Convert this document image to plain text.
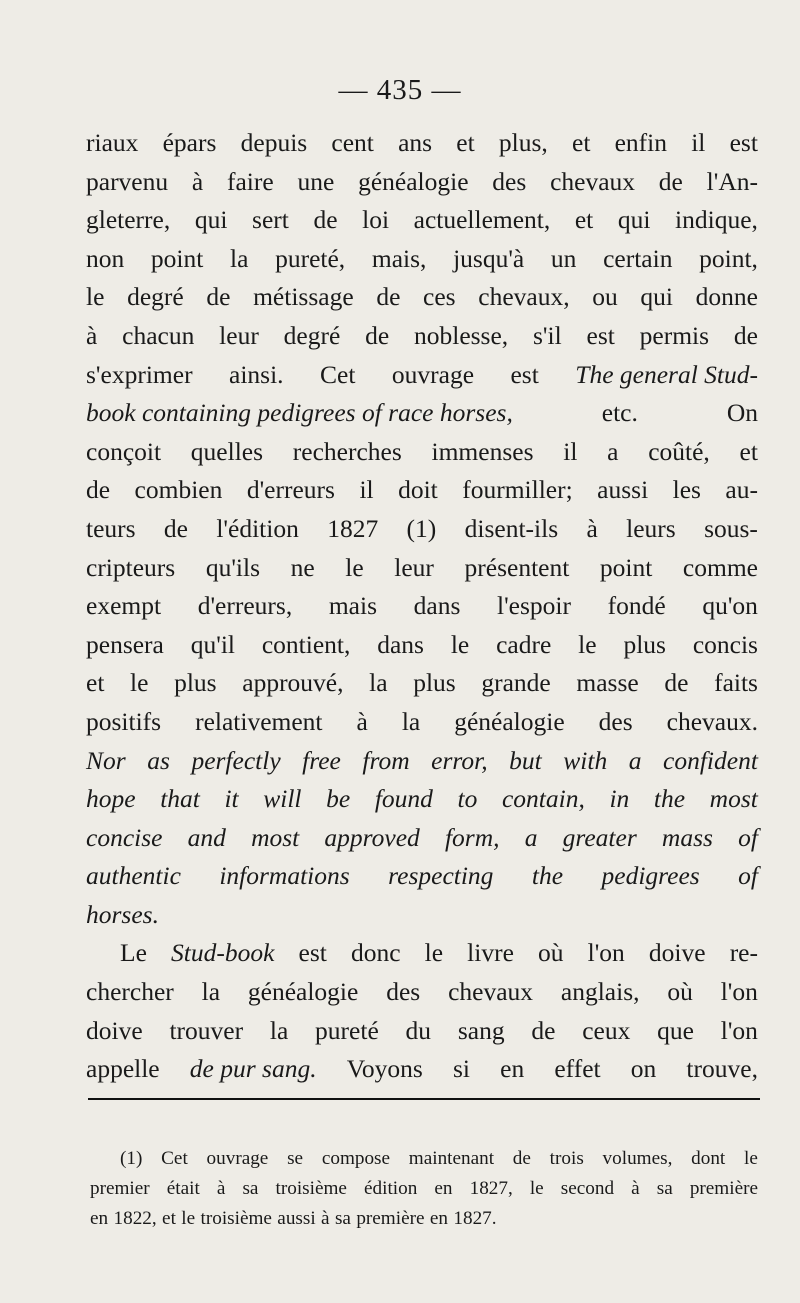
— 435 —
riaux épars depuis cent ans et plus, et enfin il est
parvenu à faire une généalogie des chevaux de l'An-
gleterre, qui sert de loi actuellement, et qui indique,
non point la pureté, mais, jusqu'à un certain point,
le degré de métissage de ces chevaux, ou qui donne
à chacun leur degré de noblesse, s'il est permis de
s'exprimer ainsi. Cet ouvrage est The general Stud-
book containing pedigrees of race horses,	etc.	On
conçoit quelles recherches immenses il a coûté, et
de combien d'erreurs il doit fourmiller; aussi les au-
teurs de l'édition 1827 (1) disent-ils à leurs sous-
cripteurs qu'ils ne le leur présentent point comme
exempt d'erreurs, mais dans l'espoir fondé qu'on
pensera qu'il contient, dans le cadre le plus concis
et le plus approuvé, la plus grande masse de faits
positifs relativement à la généalogie des chevaux.
Nor as perfectly free from error, but with a confident
hope that it will be found to contain, in the most
concise and most approved form, a greater mass of
authentic informations respecting the pedigrees of
horses.
Le Stud-book est donc le livre où l'on doive re-
chercher la généalogie des chevaux anglais, où l'on
doive trouver la pureté du sang de ceux que l'on
appelle de pur sang. Voyons si en effet on trouve,
(1) Cet ouvrage se compose maintenant de trois volumes, dont le
premier était à sa troisième édition en 1827, le second à sa première
en 1822, et le troisième aussi à sa première en 1827.
